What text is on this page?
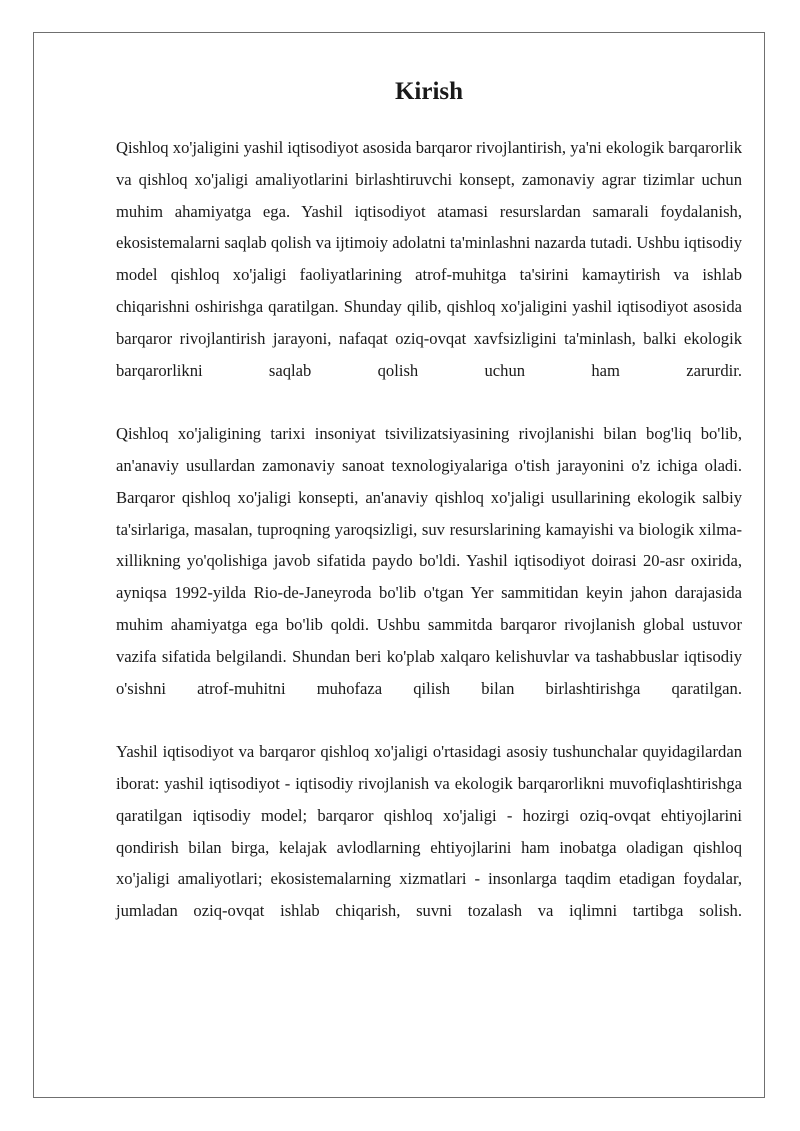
Kirish

Qishloq xo'jaligini yashil iqtisodiyot asosida barqaror rivojlantirish, ya'ni ekologik barqarorlik va qishloq xo'jaligi amaliyotlarini birlashtiruvchi konsept, zamonaviy agrar tizimlar uchun muhim ahamiyatga ega. Yashil iqtisodiyot atamasi resurslardan samarali foydalanish, ekosistemalarni saqlab qolish va ijtimoiy adolatni ta'minlashni nazarda tutadi. Ushbu iqtisodiy model qishloq xo'jaligi faoliyatlarining atrof-muhitga ta'sirini kamaytirish va ishlab chiqarishni oshirishga qaratilgan. Shunday qilib, qishloq xo'jaligini yashil iqtisodiyot asosida barqaror rivojlantirish jarayoni, nafaqat oziq-ovqat xavfsizligini ta'minlash, balki ekologik barqarorlikni saqlab qolish uchun ham zarurdir.

Qishloq xo'jaligining tarixi insoniyat tsivilizatsiyasining rivojlanishi bilan bog'liq bo'lib, an'anaviy usullardan zamonaviy sanoat texnologiyalariga o'tish jarayonini o'z ichiga oladi. Barqaror qishloq xo'jaligi konsepti, an'anaviy qishloq xo'jaligi usullarining ekologik salbiy ta'sirlariga, masalan, tuproqning yaroqsizligi, suv resurslarining kamayishi va biologik xilma-xillikning yo'qolishiga javob sifatida paydo bo'ldi. Yashil iqtisodiyot doirasi 20-asr oxirida, ayniqsa 1992-yilda Rio-de-Janeyroda bo'lib o'tgan Yer sammitidan keyin jahon darajasida muhim ahamiyatga ega bo'lib qoldi. Ushbu sammitda barqaror rivojlanish global ustuvor vazifa sifatida belgilandi. Shundan beri ko'plab xalqaro kelishuvlar va tashabbuslar iqtisodiy o'sishni atrof-muhitni muhofaza qilish bilan birlashtirishga qaratilgan.

Yashil iqtisodiyot va barqaror qishloq xo'jaligi o'rtasidagi asosiy tushunchalar quyidagilardan iborat: yashil iqtisodiyot - iqtisodiy rivojlanish va ekologik barqarorlikni muvofiqlashtirishga qaratilgan iqtisodiy model; barqaror qishloq xo'jaligi - hozirgi oziq-ovqat ehtiyojlarini qondirish bilan birga, kelajak avlodlarning ehtiyojlarini ham inobatga oladigan qishloq xo'jaligi amaliyotlari; ekosistemalarning xizmatlari - insonlarga taqdim etadigan foydalar, jumladan oziq-ovqat ishlab chiqarish, suvni tozalash va iqlimni tartibga solish.
